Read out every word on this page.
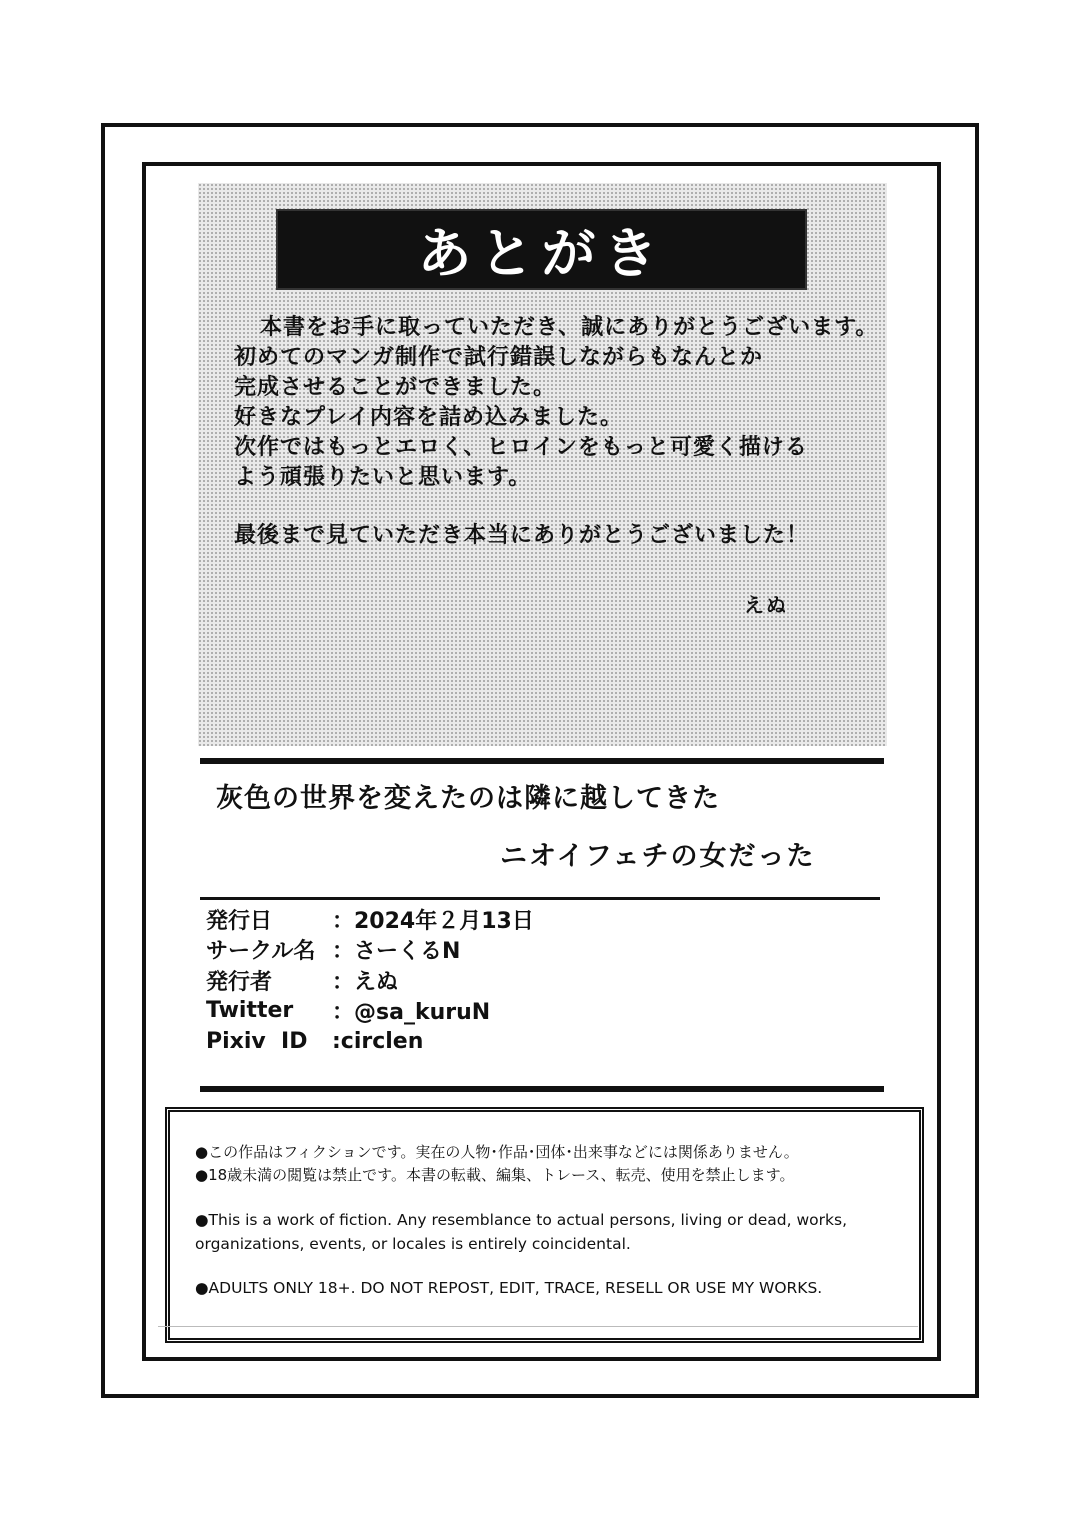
あとがき
本書をお手に取っていただき、誠にありがとうございます。
初めてのマンガ制作で試行錯誤しながらもなんとか
完成させることができました。
好きなプレイ内容を詰め込みました。
次作ではもっとエロく、ヒロインをもっと可愛く描ける
よう頑張りたいと思います。
最後まで見ていただき本当にありがとうございました！
えぬ
灰色の世界を変えたのは隣に越してきた
ニオイフェチの女だった
発行日	：2024年２月13日
サークル名 ：さーくるN
発行者	：えぬ
Twitter	：@sa_kuruN
Pixiv  ID	:circlen
●この作品はフィクションです。実在の人物･作品･団体･出来事などには関係ありません。
●18歳未満の閲覧は禁止です。本書の転載、編集、トレース、転売、使用を禁止します。
●This is a work of fiction. Any resemblance to actual persons, living or dead, works,
organizations, events, or locales is entirely coincidental.
●ADULTS ONLY 18+. DO NOT REPOST, EDIT, TRACE, RESELL OR USE MY WORKS.
